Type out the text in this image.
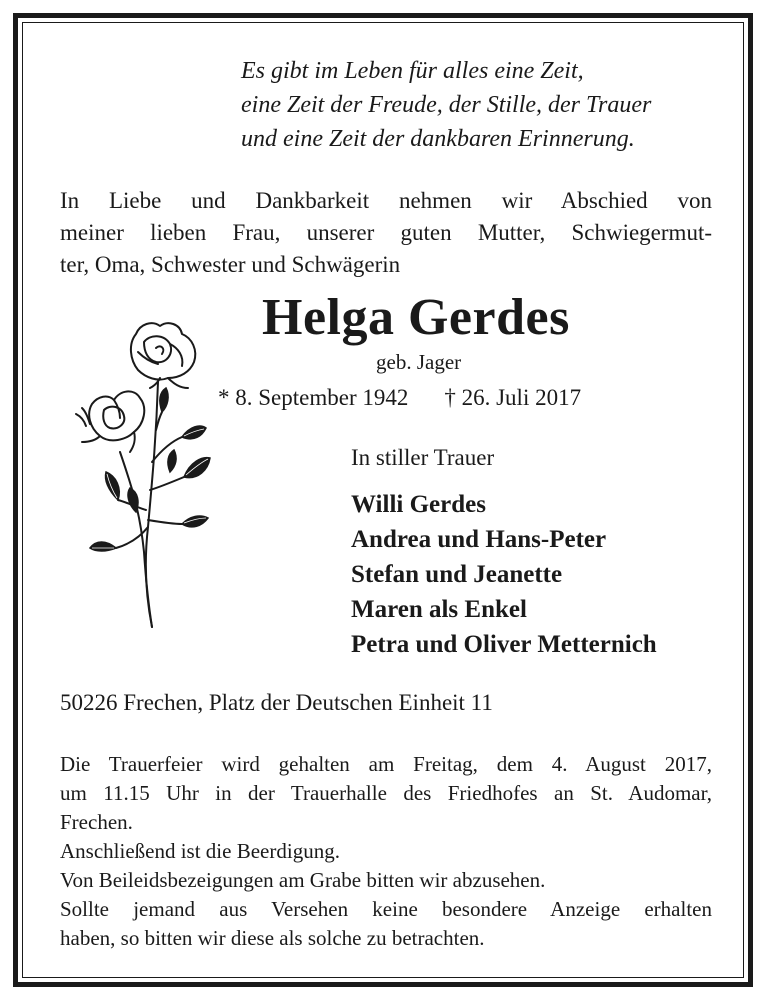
Es gibt im Leben für alles eine Zeit,
eine Zeit der Freude, der Stille, der Trauer
und eine Zeit der dankbaren Erinnerung.
In Liebe und Dankbarkeit nehmen wir Abschied von
meiner lieben Frau, unserer guten Mutter, Schwiegermut-
ter, Oma, Schwester und Schwägerin
Helga Gerdes
geb. Jager
* 8. September 1942 † 26. Juli 2017
In stiller Trauer
Willi Gerdes
Andrea und Hans-Peter
Stefan und Jeanette
Maren als Enkel
Petra und Oliver Metternich
50226 Frechen, Platz der Deutschen Einheit 11
Die Trauerfeier wird gehalten am Freitag, dem 4. August 2017,
um 11.15 Uhr in der Trauerhalle des Friedhofes an St. Audomar,
Frechen.
Anschließend ist die Beerdigung.
Von Beileidsbezeigungen am Grabe bitten wir abzusehen.
Sollte jemand aus Versehen keine besondere Anzeige erhalten
haben, so bitten wir diese als solche zu betrachten.
